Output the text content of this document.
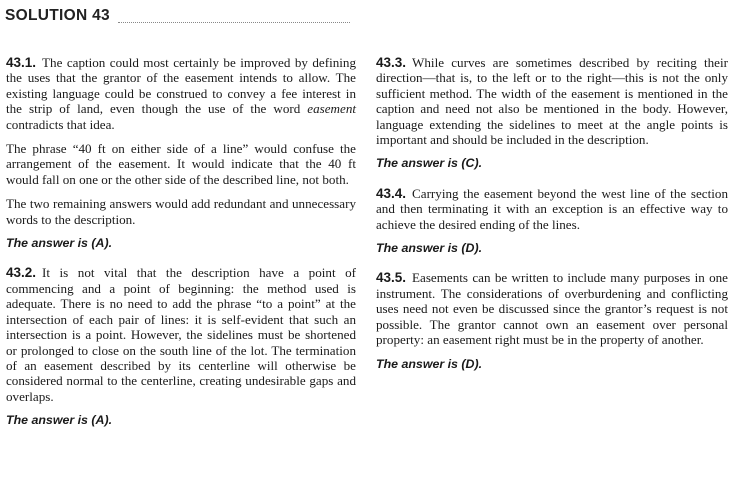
SOLUTION 43

43.1. The caption could most certainly be improved by defining the uses that the grantor of the easement intends to allow. The existing language could be construed to convey a fee interest in the strip of land, even though the use of the word easement contradicts that idea.

The phrase “40 ft on either side of a line” would confuse the arrangement of the easement. It would indicate that the 40 ft would fall on one or the other side of the described line, not both.

The two remaining answers would add redundant and unnecessary words to the description.

The answer is (A).

43.2. It is not vital that the description have a point of commencing and a point of beginning: the method used is adequate. There is no need to add the phrase “to a point” at the intersection of each pair of lines: it is self-evident that such an intersection is a point. However, the sidelines must be shortened or prolonged to close on the south line of the lot. The termination of an easement described by its centerline will otherwise be considered normal to the centerline, creating undesirable gaps and overlaps.

The answer is (A).

43.3. While curves are sometimes described by reciting their direction—that is, to the left or to the right—this is not the only sufficient method. The width of the easement is mentioned in the caption and need not also be mentioned in the body. However, language extending the sidelines to meet at the angle points is important and should be included in the description.

The answer is (C).

43.4. Carrying the easement beyond the west line of the section and then terminating it with an exception is an effective way to achieve the desired ending of the lines.

The answer is (D).

43.5. Easements can be written to include many purposes in one instrument. The considerations of overburdening and conflicting uses need not even be discussed since the grantor’s request is not possible. The grantor cannot own an easement over personal property: an easement right must be in the property of another.

The answer is (D).
